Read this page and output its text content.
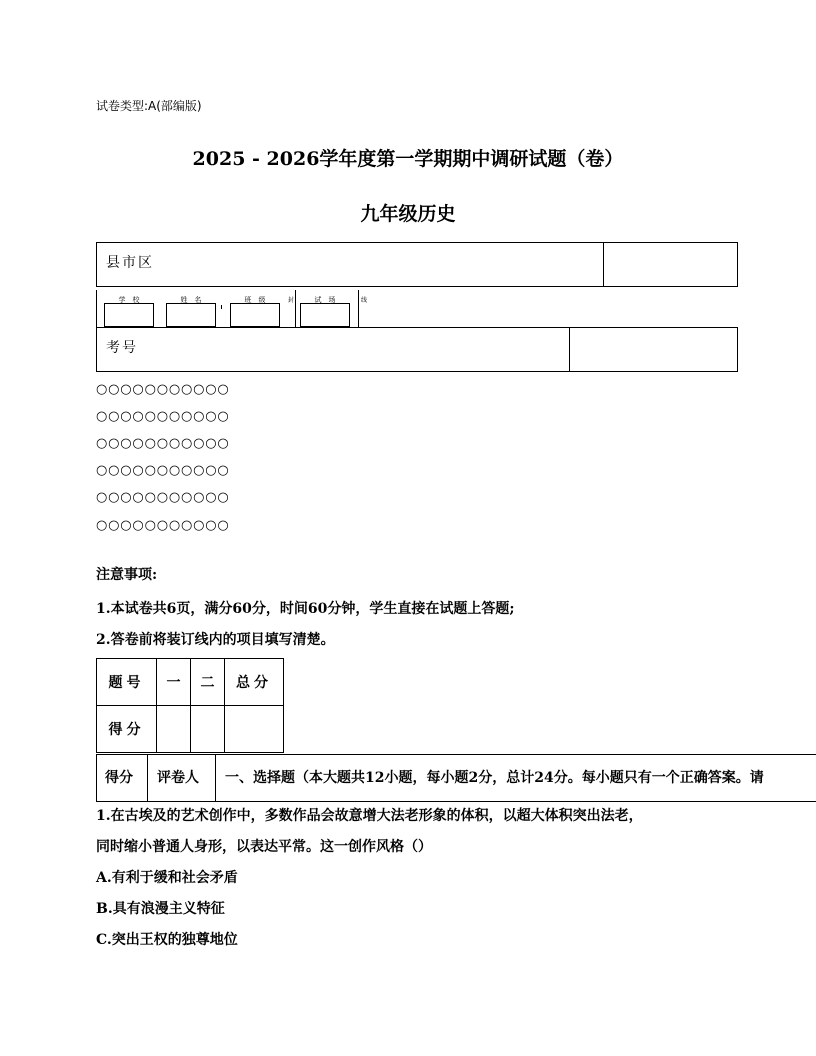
试卷类型:A(部编版)
2025 - 2026学年度第一学期期中调研试题（卷）
九年级历史
县市区
学　校	姓　名	班　级	封	试　场	线
考号
○○○○○○○○○○○
○○○○○○○○○○○
○○○○○○○○○○○
○○○○○○○○○○○
○○○○○○○○○○○
○○○○○○○○○○○
注意事项:
1.本试卷共6页，满分60分，时间60分钟，学生直接在试题上答题;
2.答卷前将装订线内的项目填写清楚。
题号	一	二	总分
得分			
得分 评卷人 一、选择题（本大题共12小题，每小题2分，总计24分。每小题只有一个正确答案。请
1.在古埃及的艺术创作中，多数作品会故意增大法老形象的体积，以超大体积突出法老，
同时缩小普通人身形，以表达平常。这一创作风格（）
A.有利于缓和社会矛盾
B.具有浪漫主义特征
C.突出王权的独尊地位
